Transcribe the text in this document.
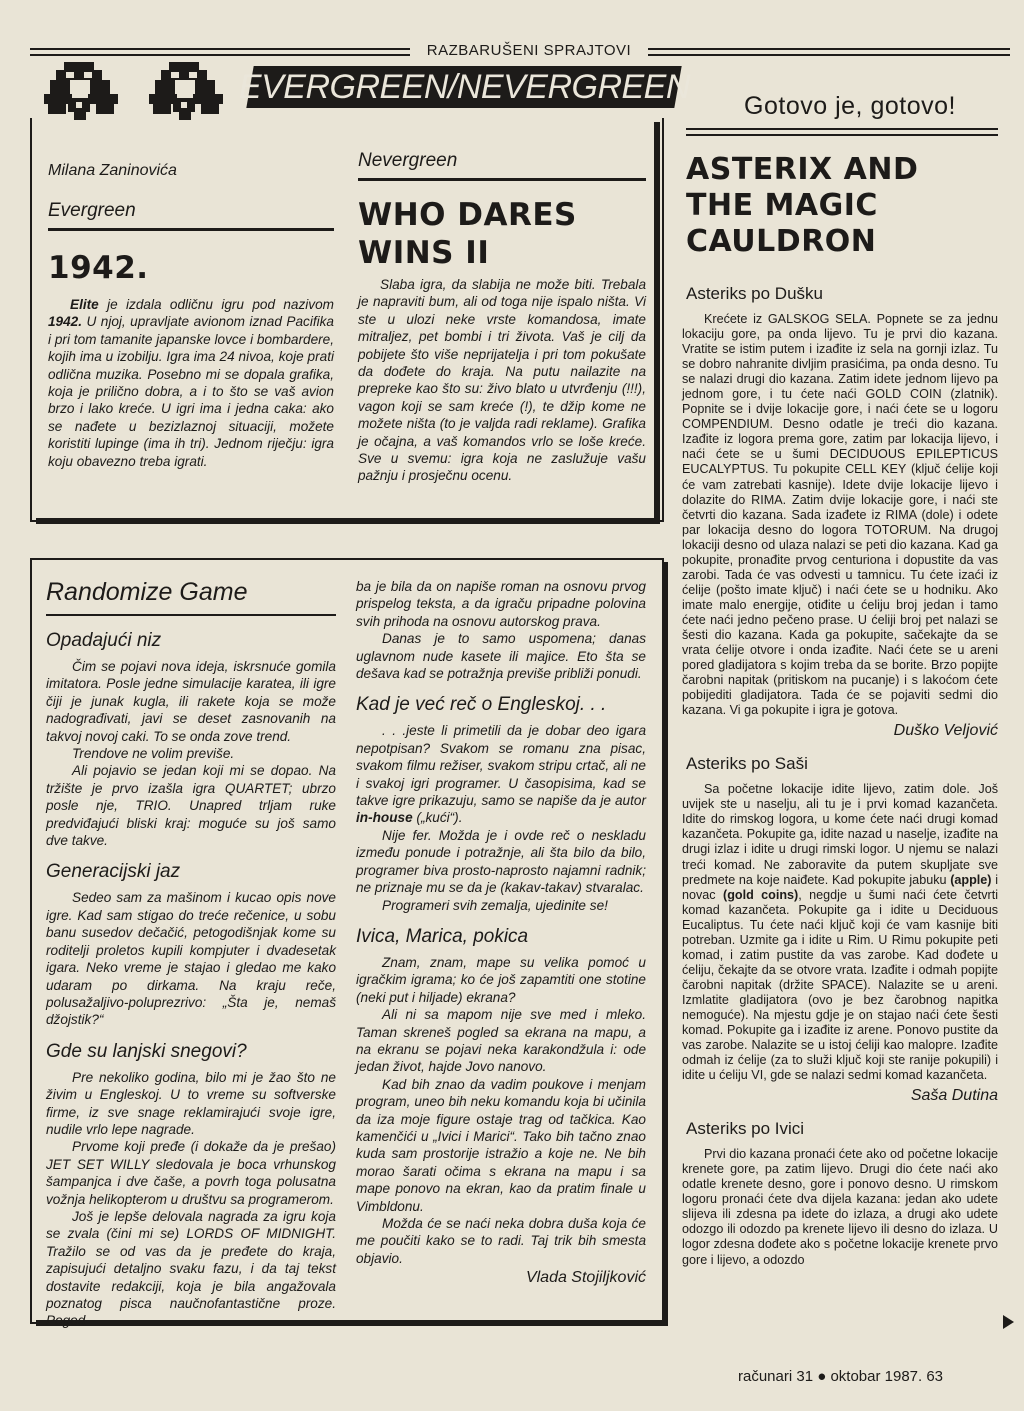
RAZBARUŠENI SPRAJTOVI
EVERGREEN/NEVERGREEN
Gotovo je, gotovo!
Milana Zaninovića
Evergreen
1942.
Elite je izdala odličnu igru pod nazivom 1942. U njoj, upravljate avionom iznad Pacifika i pri tom tamanite japanske lovce i bombardere, kojih ima u izobilju. Igra ima 24 nivoa, koje prati odlična muzika. Posebno mi se dopala grafika, koja je prilično dobra, a i to što se vaš avion brzo i lako kreće. U igri ima i jedna caka: ako se nađete u bezizlaznoj situaciji, možete koristiti lupinge (ima ih tri). Jednom riječju: igra koju obavezno treba igrati.
Nevergreen
WHO DARES
WINS II
Slaba igra, da slabija ne može biti. Trebala je napraviti bum, ali od toga nije ispalo ništa. Vi ste u ulozi neke vrste komandosa, imate mitraljez, pet bombi i tri života. Vaš je cilj da pobijete što više neprijatelja i pri tom pokušate da dođete do kraja. Na putu nailazite na prepreke kao što su: živo blato u utvrđenju (!!!), vagon koji se sam kreće (!), te džip kome ne možete ništa (to je valjda radi reklame). Grafika je očajna, a vaš komandos vrlo se loše kreće. Sve u svemu: igra koja ne zaslužuje vašu pažnju i prosječnu ocenu.
Randomize Game
Opadajući niz

Čim se pojavi nova ideja, iskrsnuće gomila imitatora. Posle jedne simulacije karatea, ili igre čiji je junak kugla, ili rakete koja se može nadograđivati, javi se deset zasnovanih na takvoj novoj caki. To se onda zove trend.

Trendove ne volim previše.

Ali pojavio se jedan koji mi se dopao. Na tržište je prvo izašla igra QUARTET; ubrzo posle nje, TRIO. Unapred trljam ruke predviđajući bliski kraj: moguće su još samo dve takve.

Generacijski jaz

Sedeo sam za mašinom i kucao opis nove igre. Kad sam stigao do treće rečenice, u sobu banu susedov dečačić, petogodišnjak kome su roditelji proletos kupili kompjuter i dvadesetak igara. Neko vreme je stajao i gledao me kako udaram po dirkama. Na kraju reče, polusažaljivo-poluprezrivo: „Šta je, nemaš džojstik?“

Gde su lanjski snegovi?

Pre nekoliko godina, bilo mi je žao što ne živim u Engleskoj. U to vreme su softverske firme, iz sve snage reklamirajući svoje igre, nudile vrlo lepe nagrade.

Prvome koji pređe (i dokaže da je prešao) JET SET WILLY sledovala je boca vrhunskog šampanjca i dve čaše, a povrh toga polusatna vožnja helikopterom u društvu sa programerom.

Još je lepše delovala nagrada za igru koja se zvala (čini mi se) LORDS OF MIDNIGHT. Tražilo se od vas da je pređete do kraja, zapisujući detaljno svaku fazu, i da taj tekst dostavite redakciji, koja je bila angažovala poznatog pisca naučnofantastične proze. Pogod-

ba je bila da on napiše roman na osnovu prvog prispelog teksta, a da igraču pripadne polovina svih prihoda na osnovu autorskog prava.

Danas je to samo uspomena; danas uglavnom nude kasete ili majice. Eto šta se dešava kad se potražnja previše približi ponudi.

Kad je već reč o Engleskoj. . .

. . .jeste li primetili da je dobar deo igara nepotpisan? Svakom se romanu zna pisac, svakom filmu režiser, svakom stripu crtač, ali ne i svakoj igri programer. U časopisima, kad se takve igre prikazuju, samo se napiše da je autor in-house („kući“).

Nije fer. Možda je i ovde reč o neskladu između ponude i potražnje, ali šta bilo da bilo, programer biva prosto-naprosto najamni radnik; ne priznaje mu se da je (kakav-takav) stvaralac.

Programeri svih zemalja, ujedinite se!

Ivica, Marica, pokica

Znam, znam, mape su velika pomoć u igračkim igrama; ko će još zapamtiti one stotine (neki put i hiljade) ekrana?

Ali ni sa mapom nije sve med i mleko. Taman skreneš pogled sa ekrana na mapu, a na ekranu se pojavi neka karakondžula i: ode jedan život, hajde Jovo nanovo.

Kad bih znao da vadim poukove i menjam program, uneo bih neku komandu koja bi učinila da iza moje figure ostaje trag od tačkica. Kao kamenčići u „Ivici i Marici“. Tako bih tačno znao kuda sam prostorije istražio a koje ne. Ne bih morao šarati očima s ekrana na mapu i sa mape ponovo na ekran, kao da pratim finale u Vimbldonu.

Možda će se naći neka dobra duša koja će me poučiti kako se to radi. Taj trik bih smesta objavio.

Vlada Stojiljković
ASTERIX AND
THE MAGIC
CAULDRON
Asteriks po Dušku
Krećete iz GALSKOG SELA. Popnete se za jednu lokaciju gore, pa onda lijevo. Tu je prvi dio kazana. Vratite se istim putem i izađite iz sela na gornji izlaz. Tu se dobro nahranite divljim prasićima, pa onda desno. Tu se nalazi drugi dio kazana. Zatim idete jednom lijevo pa jednom gore, i tu ćete naći GOLD COIN (zlatnik). Popnite se i dvije lokacije gore, i naći ćete se u logoru COMPENDIUM. Desno odatle je treći dio kazana. Izađite iz logora prema gore, zatim par lokacija lijevo, i naći ćete se u šumi DECIDUOUS EPILEPTICUS EUCALYPTUS. Tu pokupite CELL KEY (ključ ćelije koji će vam zatrebati kasnije). Idete dvije lokacije lijevo i dolazite do RIMA. Zatim dvije lokacije gore, i naći ste četvrti dio kazana. Sada izađete iz RIMA (dole) i odete par lokacija desno do logora TOTORUM. Na drugoj lokaciji desno od ulaza nalazi se peti dio kazana. Kad ga pokupite, pronađite prvog centuriona i dopustite da vas zarobi. Tada će vas odvesti u tamnicu. Tu ćete izaći iz ćelije (pošto imate ključ) i naći ćete se u hodniku. Ako imate malo energije, otiđite u ćeliju broj jedan i tamo ćete naći jedno pečeno prase. U ćeliji broj pet nalazi se šesti dio kazana. Kada ga pokupite, sačekajte da se vrata ćelije otvore i onda izađite. Naći ćete se u areni pored gladijatora s kojim treba da se borite. Brzo popijte čarobni napitak (pritiskom na pucanje) i s lakoćom ćete pobijediti gladijatora. Tada će se pojaviti sedmi dio kazana. Vi ga pokupite i igra je gotova.
Duško Veljović
Asteriks po Saši
Sa početne lokacije idite lijevo, zatim dole. Još uvijek ste u naselju, ali tu je i prvi komad kazančeta. Idite do rimskog logora, u kome ćete naći drugi komad kazančeta. Pokupite ga, idite nazad u naselje, izađite na drugi izlaz i idite u drugi rimski logor. U njemu se nalazi treći komad. Ne zaboravite da putem skupljate sve predmete na koje naiđete. Kad pokupite jabuku (apple) i novac (gold coins), negdje u šumi naći ćete četvrti komad kazančeta. Pokupite ga i idite u Deciduous Eucaliptus. Tu ćete naći ključ koji će vam kasnije biti potreban. Uzmite ga i idite u Rim. U Rimu pokupite peti komad, i zatim pustite da vas zarobe. Kad dođete u ćeliju, čekajte da se otvore vrata. Izađite i odmah popijte čarobni napitak (držite SPACE). Nalazite se u areni. Izmlatite gladijatora (ovo je bez čarobnog napitka nemoguće). Na mjestu gdje je on stajao naći ćete šesti komad. Pokupite ga i izađite iz arene. Ponovo pustite da vas zarobe. Nalazite se u istoj ćeliji kao malopre. Izađite odmah iz ćelije (za to služi ključ koji ste ranije pokupili) i idite u ćeliju VI, gde se nalazi sedmi komad kazančeta.
Saša Dutina
Asteriks po Ivici
Prvi dio kazana pronaći ćete ako od početne lokacije krenete gore, pa zatim lijevo. Drugi dio ćete naći ako odatle krenete desno, gore i ponovo desno. U rimskom logoru pronaći ćete dva dijela kazana: jedan ako udete slijeva ili zdesna pa idete do izlaza, a drugi ako udete odozgo ili odozdo pa krenete lijevo ili desno do izlaza. U logor zdesna dođete ako s početne lokacije krenete prvo gore i lijevo, a odozdo
računari 31 ● oktobar 1987. 63
